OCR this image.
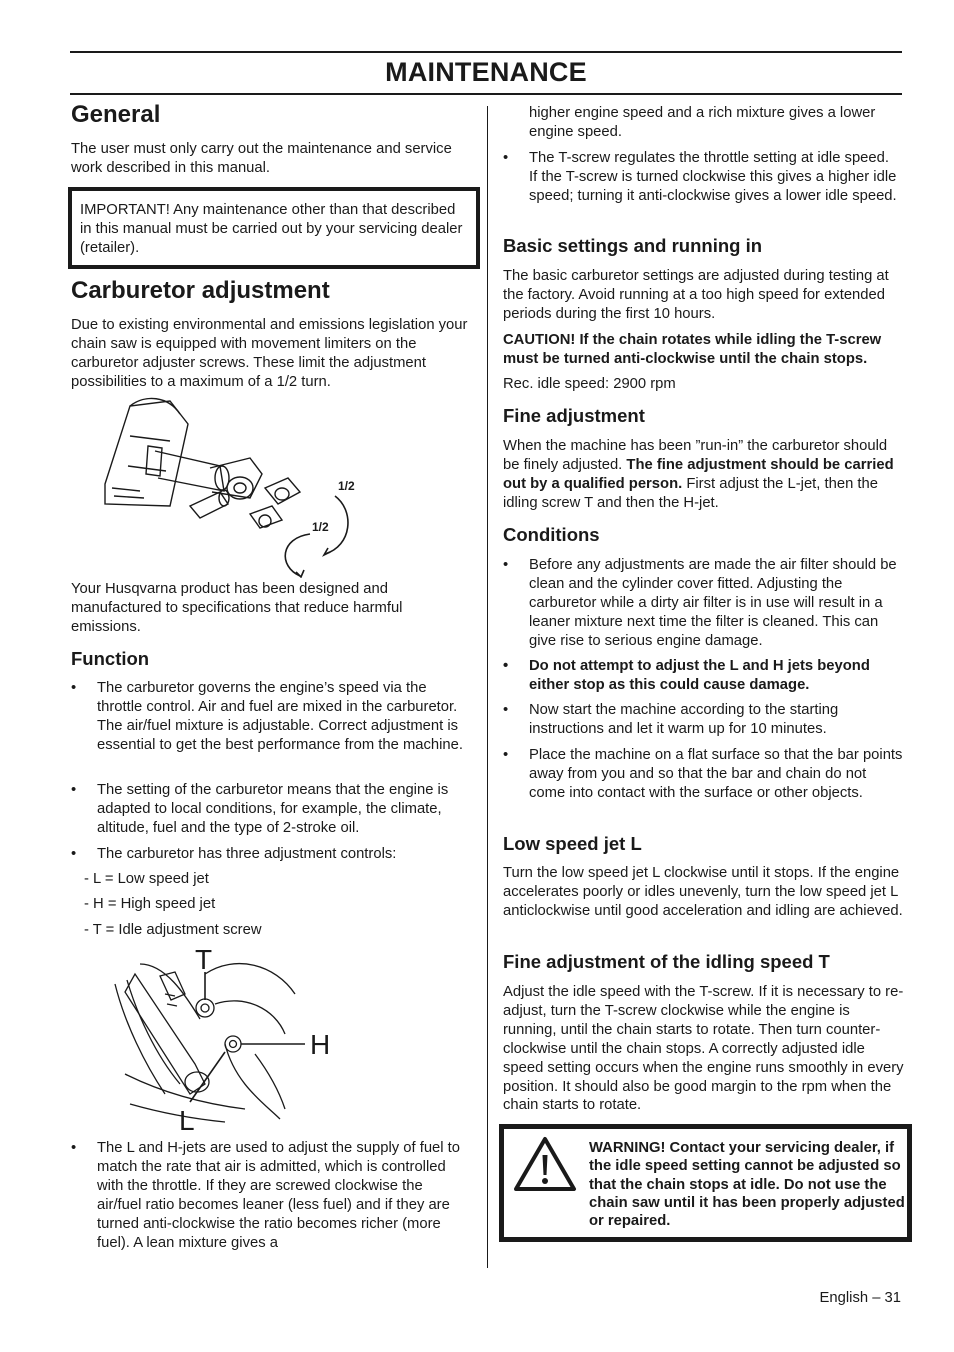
MAINTENANCE
General

The user must only carry out the maintenance and service work described in this manual.

IMPORTANT! Any maintenance other than that described in this manual must be carried out by your servicing dealer (retailer).

Carburetor adjustment

Due to existing environmental and emissions legislation your chain saw is equipped with movement limiters on the carburetor adjuster screws. These limit the adjustment possibilities to a maximum of a 1/2 turn.

1/2
1/2

Your Husqvarna product has been designed and manufactured to specifications that reduce harmful emissions.

Function
• The carburetor governs the engine’s speed via the throttle control. Air and fuel are mixed in the carburetor. The air/fuel mixture is adjustable. Correct adjustment is essential to get the best performance from the machine.
• The setting of the carburetor means that the engine is adapted to local conditions, for example, the climate, altitude, fuel and the type of 2-stroke oil.
• The carburetor has three adjustment controls:

- L = Low speed jet

- H = High speed jet

- T = Idle adjustment screw

T
H
L
• The L and H-jets are used to adjust the supply of fuel to match the rate that air is admitted, which is controlled with the throttle. If they are screwed clockwise the air/fuel ratio becomes leaner (less fuel) and if they are turned anti-clockwise the ratio becomes richer (more fuel). A lean mixture gives a

higher engine speed and a rich mixture gives a lower engine speed.

• The T-screw regulates the throttle setting at idle speed. If the T-screw is turned clockwise this gives a higher idle speed; turning it anti-clockwise gives a lower idle speed.
Basic settings and running in

The basic carburetor settings are adjusted during testing at the factory. Avoid running at a too high speed for extended periods during the first 10 hours.

CAUTION! If the chain rotates while idling the T-screw must be turned anti-clockwise until the chain stops.

Rec. idle speed: 2900 rpm

Fine adjustment

When the machine has been ”run-in” the carburetor should be finely adjusted. The fine adjustment should be carried out by a qualified person. First adjust the L-jet, then the idling screw T and then the H-jet.

Conditions
• Before any adjustments are made the air filter should be clean and the cylinder cover fitted. Adjusting the carburetor while a dirty air filter is in use will result in a leaner mixture next time the filter is cleaned. This can give rise to serious engine damage.
• Do not attempt to adjust the L and H jets beyond either stop as this could cause damage.
• Now start the machine according to the starting instructions and let it warm up for 10 minutes.
• Place the machine on a flat surface so that the bar points away from you and so that the bar and chain do not come into contact with the surface or other objects.
Low speed jet L

Turn the low speed jet L clockwise until it stops. If the engine accelerates poorly or idles unevenly, turn the low speed jet L anticlockwise until good acceleration and idling are achieved.

Fine adjustment of the idling speed T

Adjust the idle speed with the T-screw. If it is necessary to re-adjust, turn the T-screw clockwise while the engine is running, until the chain starts to rotate. Then turn counter-clockwise until the chain stops. A correctly adjusted idle speed setting occurs when the engine runs smoothly in every position. It should also be good margin to the rpm when the chain starts to rotate.

WARNING! Contact your servicing dealer, if the idle speed setting cannot be adjusted so that the chain stops at idle. Do not use the chain saw until it has been properly adjusted or repaired.

English – 31
